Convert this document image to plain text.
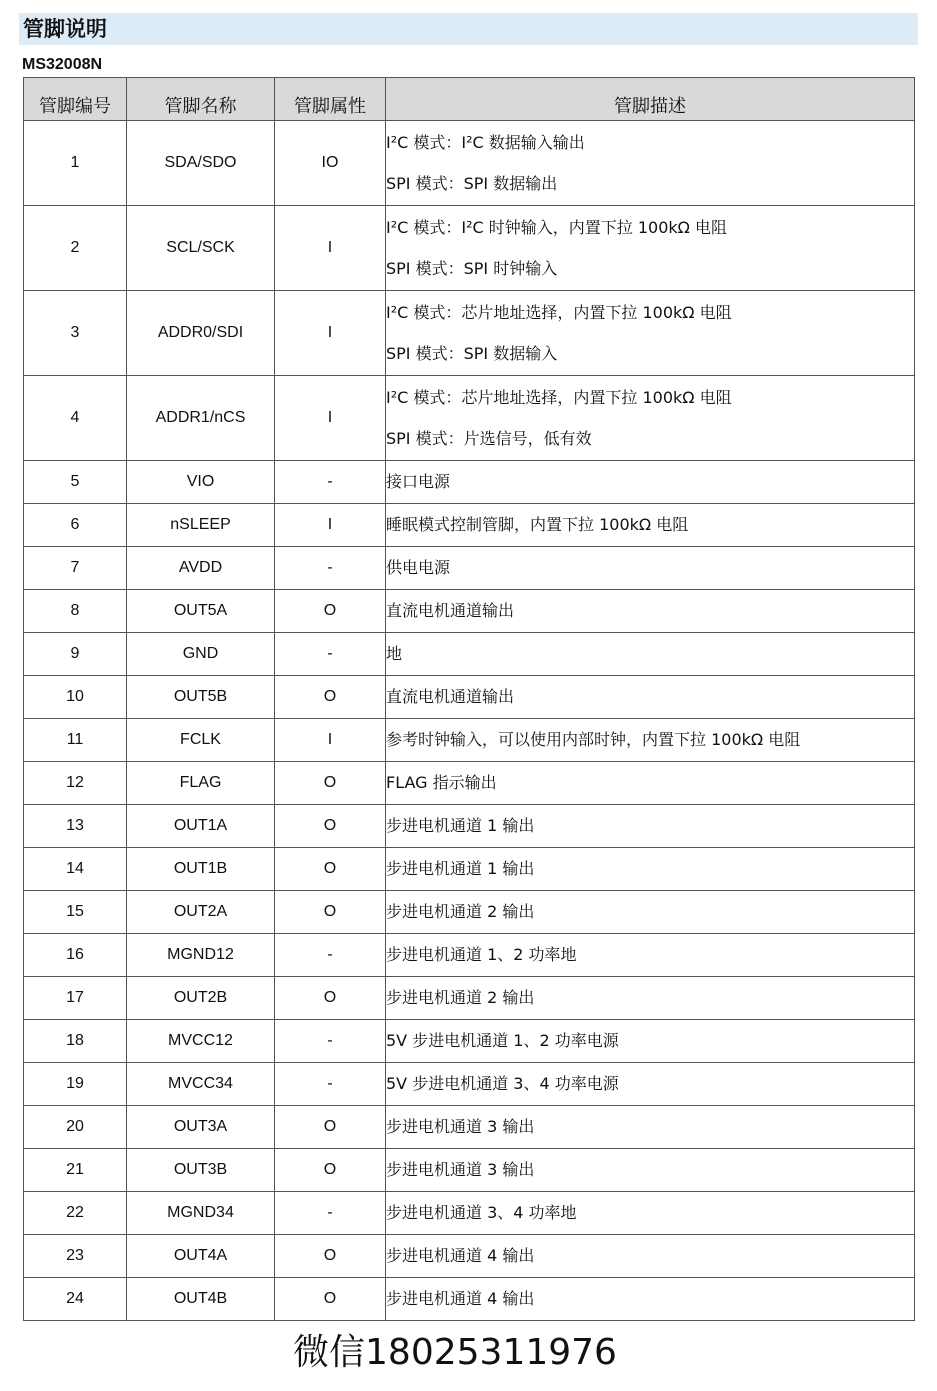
管脚说明
MS32008N
管脚编号	管脚名称	管脚属性	管脚描述
1	SDA/SDO	IO	I²C 模式：I²C 数据输入输出
SPI 模式：SPI 数据输出

2	SCL/SCK	I	I²C 模式：I²C 时钟输入，内置下拉 100kΩ 电阻
SPI 模式：SPI 时钟输入

3	ADDR0/SDI	I	I²C 模式：芯片地址选择，内置下拉 100kΩ 电阻
SPI 模式：SPI 数据输入

4	ADDR1/nCS	I	I²C 模式：芯片地址选择，内置下拉 100kΩ 电阻
SPI 模式：片选信号，低有效

5	VIO	-	接口电源

6	nSLEEP	I	睡眠模式控制管脚，内置下拉 100kΩ 电阻

7	AVDD	-	供电电源

8	OUT5A	O	直流电机通道输出

9	GND	-	地

10	OUT5B	O	直流电机通道输出

11	FCLK	I	参考时钟输入，可以使用内部时钟，内置下拉 100kΩ 电阻

12	FLAG	O	FLAG 指示输出

13	OUT1A	O	步进电机通道 1 输出

14	OUT1B	O	步进电机通道 1 输出

15	OUT2A	O	步进电机通道 2 输出

16	MGND12	-	步进电机通道 1、2 功率地

17	OUT2B	O	步进电机通道 2 输出

18	MVCC12	-	5V 步进电机通道 1、2 功率电源

19	MVCC34	-	5V 步进电机通道 3、4 功率电源

20	OUT3A	O	步进电机通道 3 输出

21	OUT3B	O	步进电机通道 3 输出

22	MGND34	-	步进电机通道 3、4 功率地

23	OUT4A	O	步进电机通道 4 输出

24	OUT4B	O	步进电机通道 4 输出
微信18025311976
